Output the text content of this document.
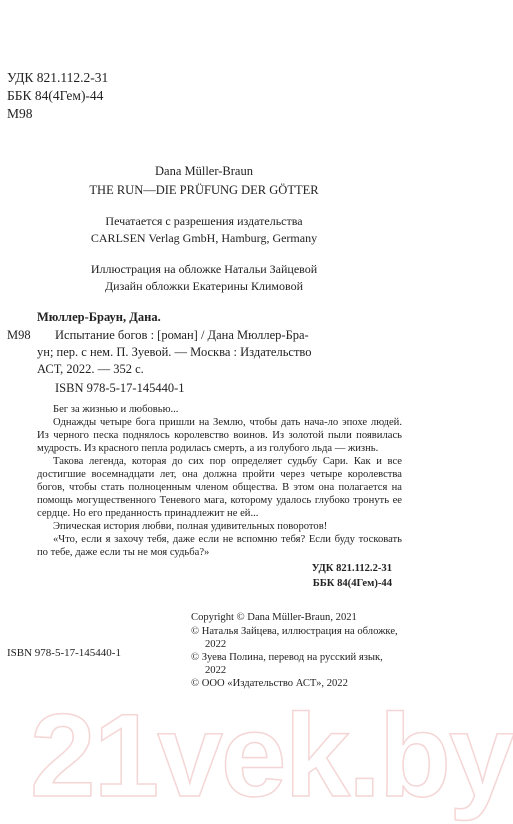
УДК 821.112.2-31
ББК 84(4Гем)-44
М98
Dana Müller-Braun
THE RUN—DIE PRÜFUNG DER GÖTTER
Печатается с разрешения издательства
CARLSEN Verlag GmbH, Hamburg, Germany
Иллюстрация на обложке Натальи Зайцевой
Дизайн обложки Екатерины Климовой
Мюллер-Браун, Дана.
М98 Испытание богов : [роман] / Дана Мюллер-Бра-
ун; пер. с нем. П. Зуевой. — Москва : Издательство
АСТ, 2022. — 352 с.
ISBN 978-5-17-145440-1

Бег за жизнью и любовью...

Однажды четыре бога пришли на Землю, чтобы дать нача-ло эпохе людей. Из черного песка поднялось королевство воинов. Из золотой пыли появилась мудрость. Из красного пепла родилась смерть, а из голубого льда — жизнь.

Такова легенда, которая до сих пор определяет судьбу Сари. Как и все достигшие восемнадцати лет, она должна пройти через четыре королевства богов, чтобы стать полноценным членом общества. В этом она полагается на помощь могущественного Теневого мага, которому удалось глубоко тронуть ее сердце. Но его преданность принадлежит не ей...

Эпическая история любви, полная удивительных поворотов!

«Что, если я захочу тебя, даже если не вспомню тебя? Если буду тосковать по тебе, даже если ты не моя судьба?»

УДК 821.112.2-31
ББК 84(4Гем)-44
Copyright © Dana Müller-Braun, 2021
© Наталья Зайцева, иллюстрация на обложке, 2022
© Зуева Полина, перевод на русский язык, 2022
© ООО «Издательство АСТ», 2022
ISBN 978-5-17-145440-1
21vek.by
